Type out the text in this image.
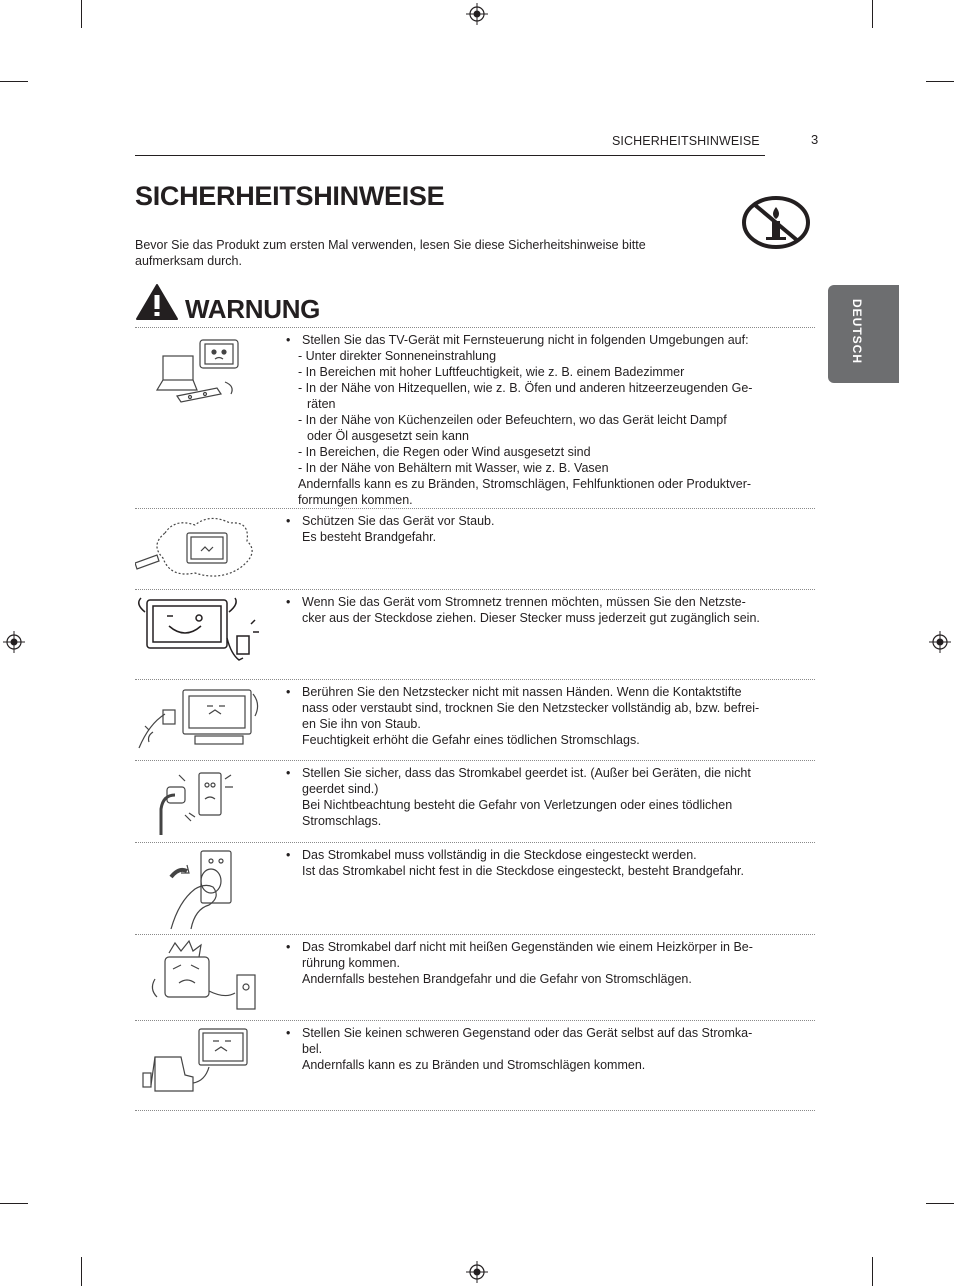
SICHERHEITSHINWEISE	3
SICHERHEITSHINWEISE
Bevor Sie das Produkt zum ersten Mal verwenden, lesen Sie diese Sicherheitshinweise bitte
aufmerksam durch.
DEUTSCH
WARNUNG
• Stellen Sie das TV-Gerät mit Fernsteuerung nicht in folgenden Umgebungen auf:
- Unter direkter Sonneneinstrahlung
- In Bereichen mit hoher Luftfeuchtigkeit, wie z. B. einem Badezimmer
- In der Nähe von Hitzequellen, wie z. B. Öfen und anderen hitzeerzeugenden Ge-
räten
- In der Nähe von Küchenzeilen oder Befeuchtern, wo das Gerät leicht Dampf
oder Öl ausgesetzt sein kann
- In Bereichen, die Regen oder Wind ausgesetzt sind
- In der Nähe von Behältern mit Wasser, wie z. B. Vasen
Andernfalls kann es zu Bränden, Stromschlägen, Fehlfunktionen oder Produktver-
formungen kommen.
• Schützen Sie das Gerät vor Staub.
Es besteht Brandgefahr.
• Wenn Sie das Gerät vom Stromnetz trennen möchten, müssen Sie den Netzste-
cker aus der Steckdose ziehen. Dieser Stecker muss jederzeit gut zugänglich sein.
• Berühren Sie den Netzstecker nicht mit nassen Händen. Wenn die Kontaktstifte
nass oder verstaubt sind, trocknen Sie den Netzstecker vollständig ab, bzw. befrei-
en Sie ihn von Staub.
Feuchtigkeit erhöht die Gefahr eines tödlichen Stromschlags.
• Stellen Sie sicher, dass das Stromkabel geerdet ist. (Außer bei Geräten, die nicht
geerdet sind.)
Bei Nichtbeachtung besteht die Gefahr von Verletzungen oder eines tödlichen
Stromschlags.
• Das Stromkabel muss vollständig in die Steckdose eingesteckt werden.
Ist das Stromkabel nicht fest in die Steckdose eingesteckt, besteht Brandgefahr.
• Das Stromkabel darf nicht mit heißen Gegenständen wie einem Heizkörper in Be-
rührung kommen.
Andernfalls bestehen Brandgefahr und die Gefahr von Stromschlägen.
• Stellen Sie keinen schweren Gegenstand oder das Gerät selbst auf das Stromka-
bel.
Andernfalls kann es zu Bränden und Stromschlägen kommen.
